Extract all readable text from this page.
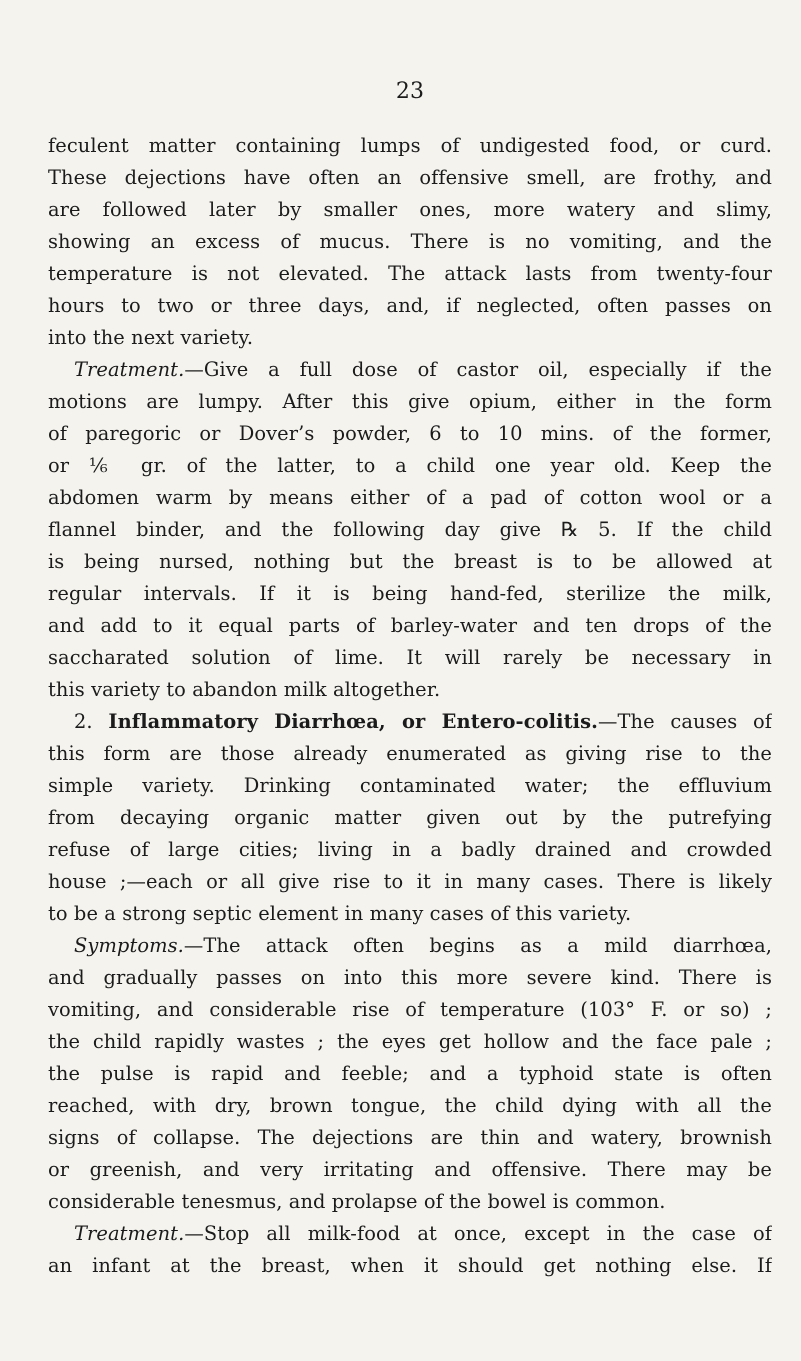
23

feculent matter containing lumps of undigested food, or curd.
These dejections have often an offensive smell, are frothy, and
are followed later by smaller ones, more watery and slimy,
showing an excess of mucus. There is no vomiting, and the
temperature is not elevated. The attack lasts from twenty-four
hours to two or three days, and, if neglected, often passes on
into the next variety.
Treatment.—Give a full dose of castor oil, especially if the
motions are lumpy. After this give opium, either in the form
of paregoric or Dover’s powder, 6 to 10 mins. of the former,
or ⅙ gr. of the latter, to a child one year old. Keep the
abdomen warm by means either of a pad of cotton wool or a
flannel binder, and the following day give ℞ 5. If the child
is being nursed, nothing but the breast is to be allowed at
regular intervals. If it is being hand-fed, sterilize the milk,
and add to it equal parts of barley-water and ten drops of the
saccharated solution of lime. It will rarely be necessary in
this variety to abandon milk altogether.
2. Inflammatory Diarrhœa, or Entero-colitis.—The causes of
this form are those already enumerated as giving rise to the
simple variety. Drinking contaminated water; the effluvium
from decaying organic matter given out by the putrefying
refuse of large cities; living in a badly drained and crowded
house ;—each or all give rise to it in many cases. There is likely
to be a strong septic element in many cases of this variety.
Symptoms.—The attack often begins as a mild diarrhœa,
and gradually passes on into this more severe kind. There is
vomiting, and considerable rise of temperature (103° F. or so) ;
the child rapidly wastes ; the eyes get hollow and the face pale ;
the pulse is rapid and feeble; and a typhoid state is often
reached, with dry, brown tongue, the child dying with all the
signs of collapse. The dejections are thin and watery, brownish
or greenish, and very irritating and offensive. There may be
considerable tenesmus, and prolapse of the bowel is common.
Treatment.—Stop all milk-food at once, except in the case of
an infant at the breast, when it should get nothing else. If
